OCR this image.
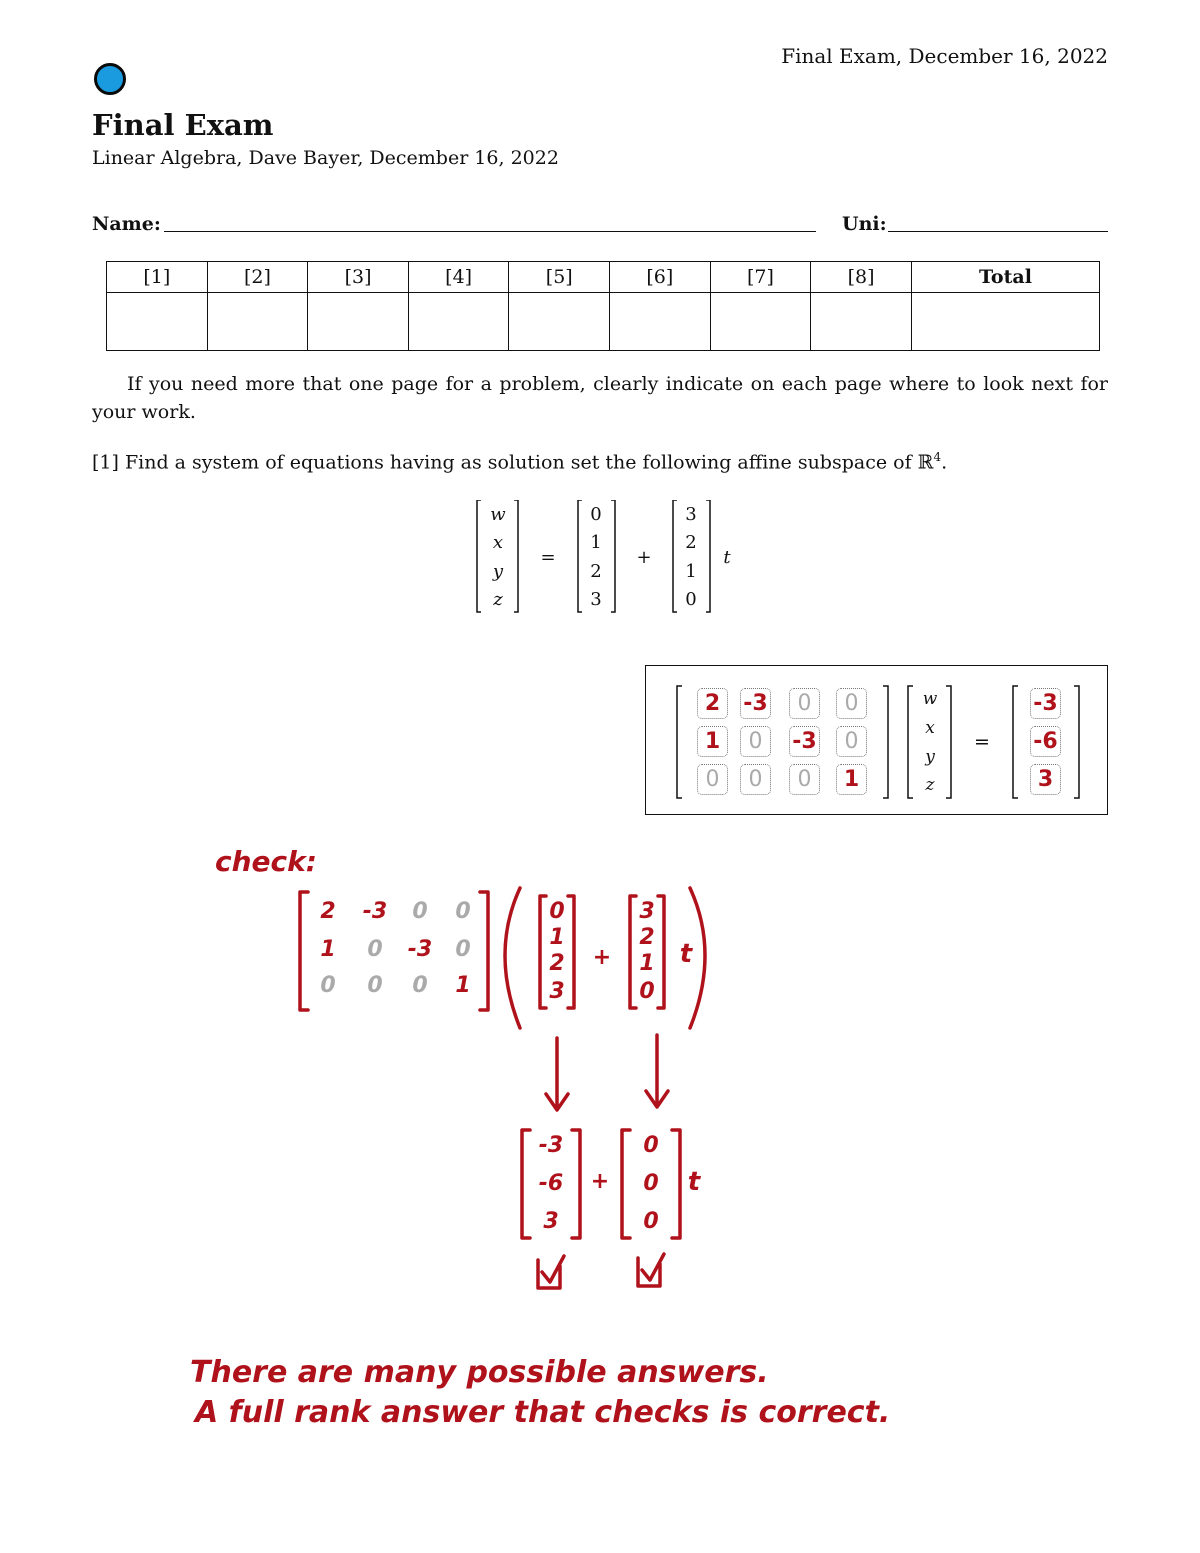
Final Exam, December 16, 2022
Final Exam
Linear Algebra, Dave Bayer, December 16, 2022
Name:	Uni:
[1]	[2]	[3]	[4]	[5]	[6]	[7]	[8]	Total

If you need more that one page for a problem, clearly indicate on each page where to look next for your work.
[1] Find a system of equations having as solution set the following affine subspace of ℝ$^4$.
w
x
y
z
=
0
1
2
3
+
3
2
1
0
t
w
x
y
z
=
2	-3	0	0
1	0	-3	0
0	0	0	1
-3
-6
3
check:
2 -3 0 0
1 0 -3 0
0 0 0 1
0
1
2
3
+
3
2
1
0
t
-3
-6
3
+
0
0
0
t
There are many possible answers.
A full rank answer that checks is correct.
